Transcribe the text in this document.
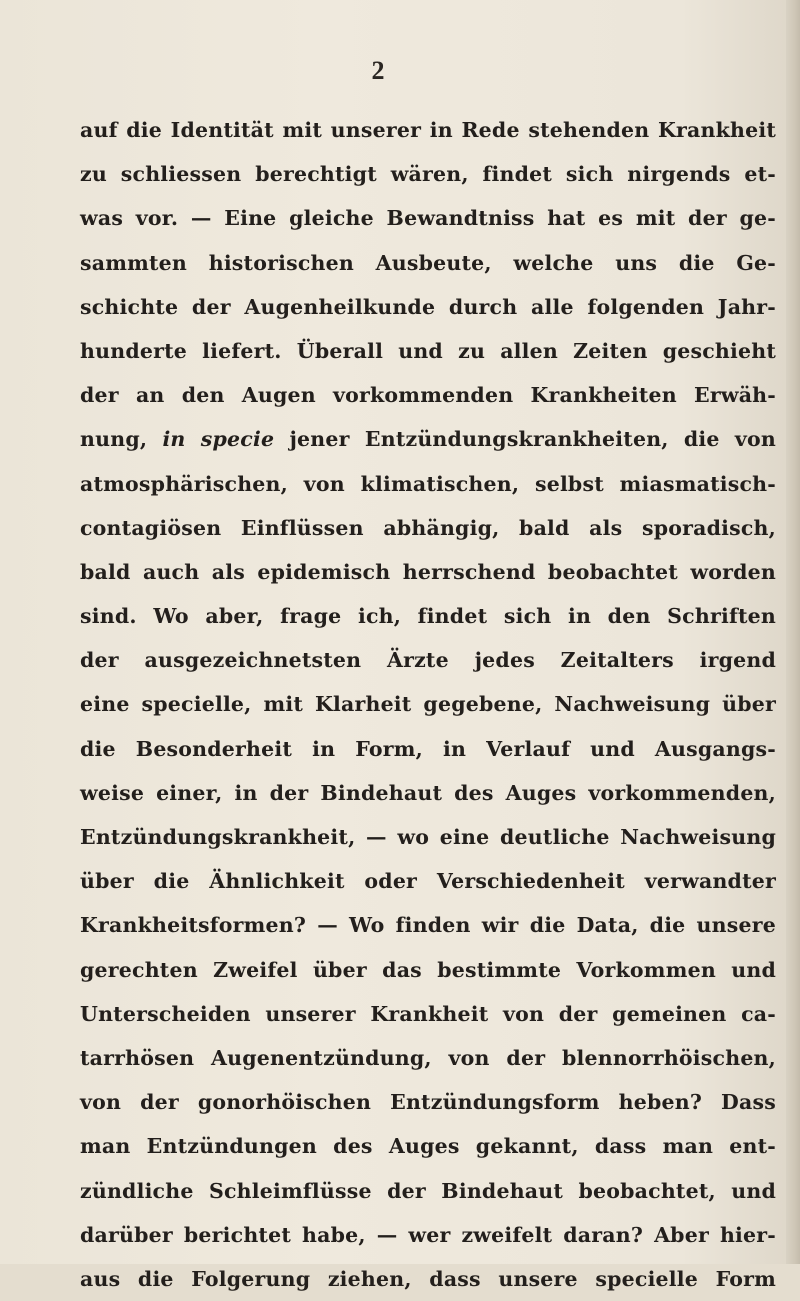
2
auf die Identität mit unserer in Rede stehenden Krankheit
zu schliessen berechtigt wären, findet sich nirgends et-
was vor. — Eine gleiche Bewandtniss hat es mit der ge-
sammten historischen Ausbeute, welche uns die Ge-
schichte der Augenheilkunde durch alle folgenden Jahr-
hunderte liefert. Überall und zu allen Zeiten geschieht
der an den Augen vorkommenden Krankheiten Erwäh-
nung, in specie jener Entzündungskrankheiten, die von
atmosphärischen, von klimatischen, selbst miasmatisch-
contagiösen Einflüssen abhängig, bald als sporadisch,
bald auch als epidemisch herrschend beobachtet worden
sind. Wo aber, frage ich, findet sich in den Schriften
der ausgezeichnetsten Ärzte jedes Zeitalters irgend
eine specielle, mit Klarheit gegebene, Nachweisung über
die Besonderheit in Form, in Verlauf und Ausgangs-
weise einer, in der Bindehaut des Auges vorkommenden,
Entzündungskrankheit, — wo eine deutliche Nachweisung
über die Ähnlichkeit oder Verschiedenheit verwandter
Krankheitsformen? — Wo finden wir die Data, die unsere
gerechten Zweifel über das bestimmte Vorkommen und
Unterscheiden unserer Krankheit von der gemeinen ca-
tarrhösen Augenentzündung, von der blennorrhöischen,
von der gonorhöischen Entzündungsform heben? Dass
man Entzündungen des Auges gekannt, dass man ent-
zündliche Schleimflüsse der Bindehaut beobachtet, und
darüber berichtet habe, — wer zweifelt daran? Aber hier-
aus die Folgerung ziehen, dass unsere specielle Form
